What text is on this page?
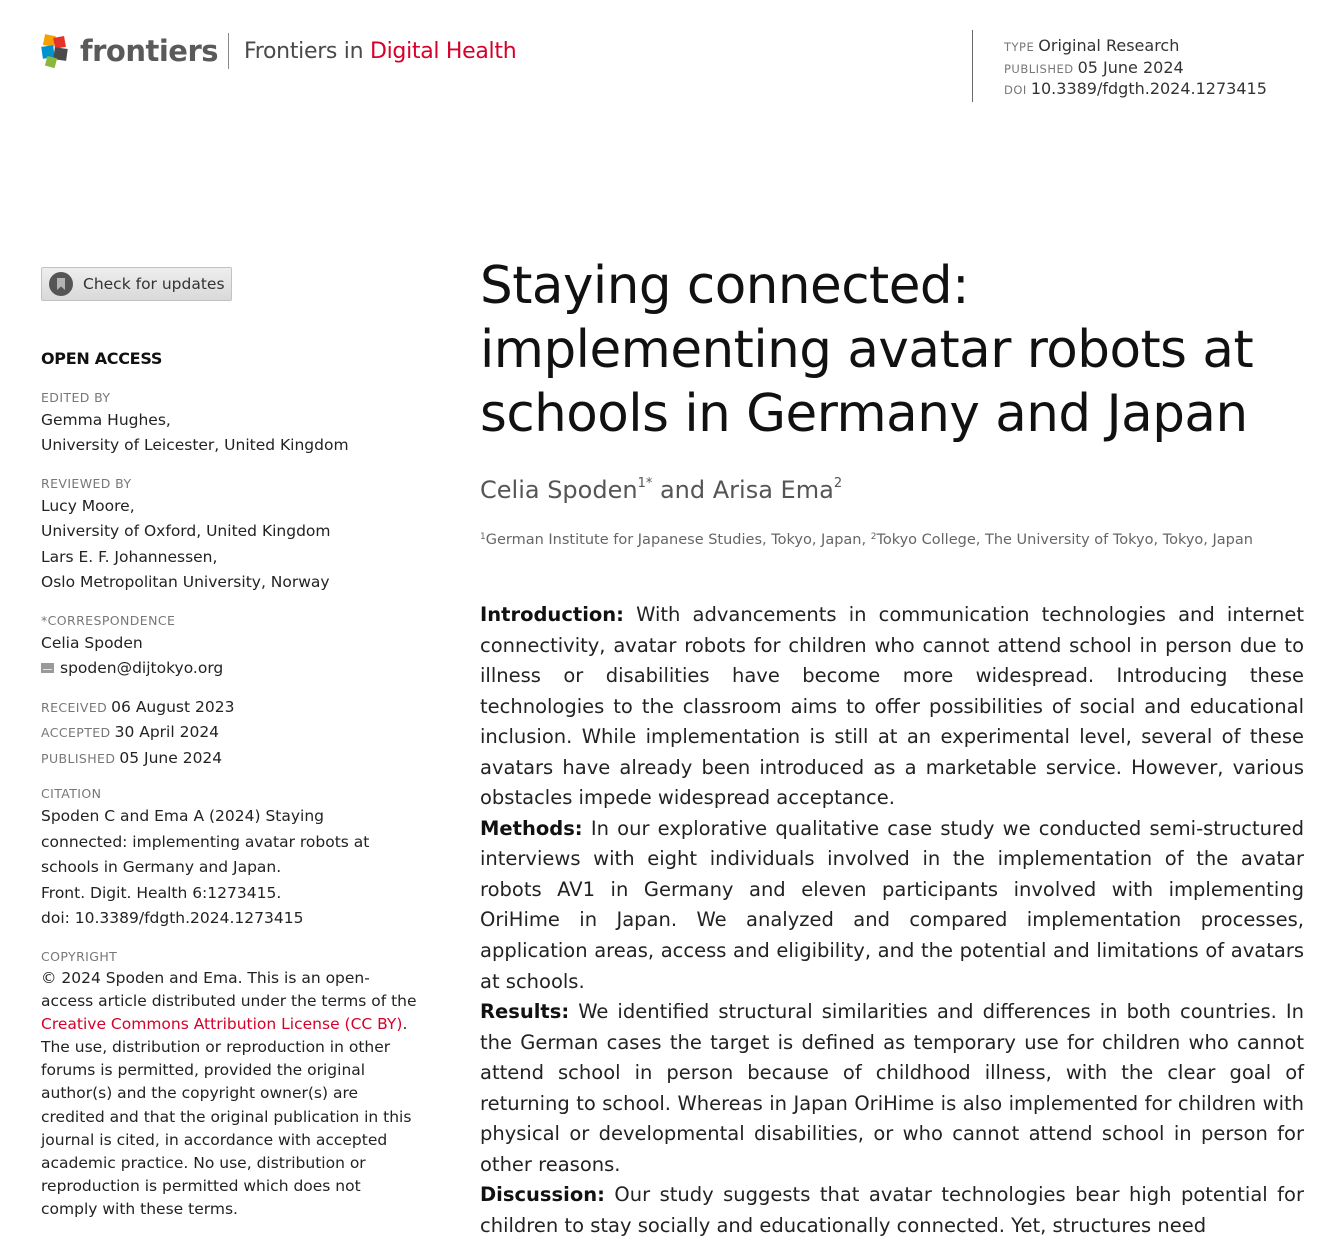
frontiers Frontiers in Digital Health	TYPE Original Research
PUBLISHED 05 June 2024
DOI 10.3389/fdgth.2024.1273415
Check for updates
OPEN ACCESS
EDITED BY
Gemma Hughes,
University of Leicester, United Kingdom
REVIEWED BY
Lucy Moore,
University of Oxford, United Kingdom
Lars E. F. Johannessen,
Oslo Metropolitan University, Norway
*CORRESPONDENCE
Celia Spoden
spoden@dijtokyo.org
RECEIVED 06 August 2023
ACCEPTED 30 April 2024
PUBLISHED 05 June 2024
CITATION
Spoden C and Ema A (2024) Staying
connected: implementing avatar robots at
schools in Germany and Japan.
Front. Digit. Health 6:1273415.
doi: 10.3389/fdgth.2024.1273415
COPYRIGHT
© 2024 Spoden and Ema. This is an open-access article distributed under the terms of the Creative Commons Attribution License (CC BY). The use, distribution or reproduction in other forums is permitted, provided the original author(s) and the copyright owner(s) are credited and that the original publication in this journal is cited, in accordance with accepted academic practice. No use, distribution or reproduction is permitted which does not comply with these terms.
Staying connected: implementing avatar robots at schools in Germany and Japan
Celia Spoden$^{1*}$ and Arisa Ema$^2$
$^1$German Institute for Japanese Studies, Tokyo, Japan, $^2$Tokyo College, The University of Tokyo, Tokyo, Japan

Introduction: With advancements in communication technologies and internet connectivity, avatar robots for children who cannot attend school in person due to illness or disabilities have become more widespread. Introducing these technologies to the classroom aims to offer possibilities of social and educational inclusion. While implementation is still at an experimental level, several of these avatars have already been introduced as a marketable service. However, various obstacles impede widespread acceptance.

Methods: In our explorative qualitative case study we conducted semi-structured interviews with eight individuals involved in the implementation of the avatar robots AV1 in Germany and eleven participants involved with implementing OriHime in Japan. We analyzed and compared implementation processes, application areas, access and eligibility, and the potential and limitations of avatars at schools.

Results: We identified structural similarities and differences in both countries. In the German cases the target is defined as temporary use for children who cannot attend school in person because of childhood illness, with the clear goal of returning to school. Whereas in Japan OriHime is also implemented for children with physical or developmental disabilities, or who cannot attend school in person for other reasons.

Discussion: Our study suggests that avatar technologies bear high potential for children to stay socially and educationally connected. Yet, structures need
